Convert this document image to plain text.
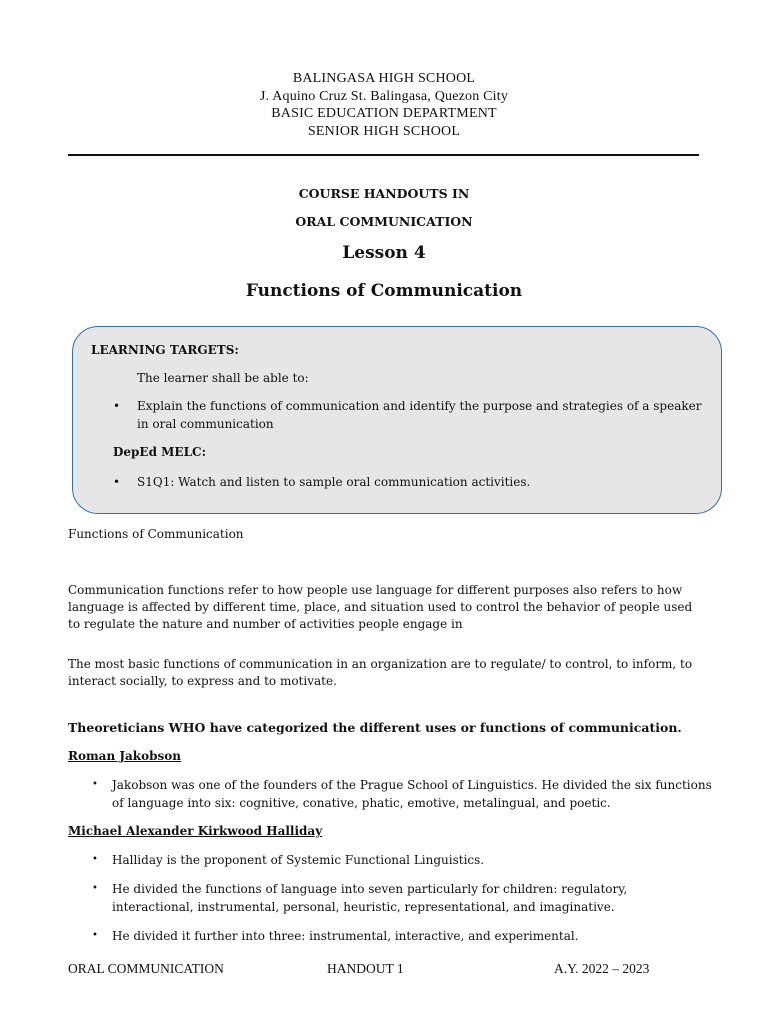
BALINGASA HIGH SCHOOL
J. Aquino Cruz St. Balingasa, Quezon City
BASIC EDUCATION DEPARTMENT
SENIOR HIGH SCHOOL
COURSE HANDOUTS IN
ORAL COMMUNICATION
Lesson 4
Functions of Communication
LEARNING TARGETS:
The learner shall be able to:
• Explain the functions of communication and identify the purpose and strategies of a speaker in oral communication
DepEd MELC:
• S1Q1: Watch and listen to sample oral communication activities.
Functions of Communication
Communication functions refer to how people use language for different purposes also refers to how language is affected by different time, place, and situation used to control the behavior of people used to regulate the nature and number of activities people engage in
The most basic functions of communication in an organization are to regulate/ to control, to inform, to interact socially, to express and to motivate.
Theoreticians WHO have categorized the different uses or functions of communication.
Roman Jakobson
• Jakobson was one of the founders of the Prague School of Linguistics. He divided the six functions of language into six: cognitive, conative, phatic, emotive, metalingual, and poetic.
Michael Alexander Kirkwood Halliday
• Halliday is the proponent of Systemic Functional Linguistics.
• He divided the functions of language into seven particularly for children: regulatory, interactional, instrumental, personal, heuristic, representational, and imaginative.
• He divided it further into three: instrumental, interactive, and experimental.
ORAL COMMUNICATION	HANDOUT 1	A.Y. 2022 – 2023
